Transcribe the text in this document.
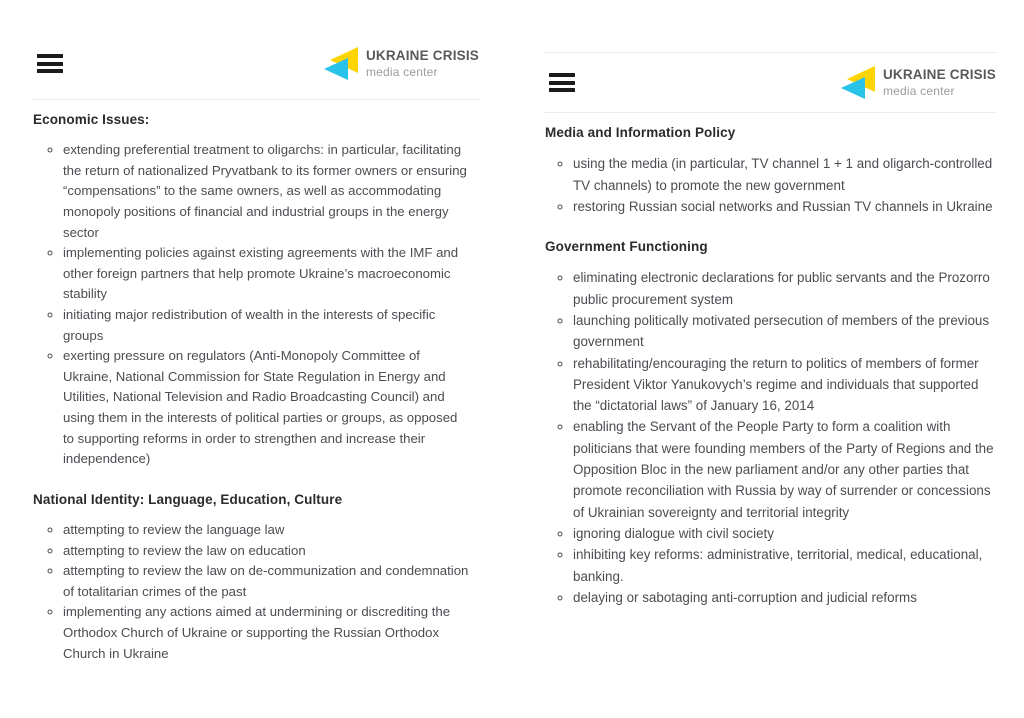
UKRAINE CRISIS
media center
Economic Issues:
◦ extending preferential treatment to oligarchs: in particular, facilitating the return of nationalized Pryvatbank to its former owners or ensuring “compensations” to the same owners, as well as accommodating monopoly positions of financial and industrial groups in the energy sector
◦ implementing policies against existing agreements with the IMF and other foreign partners that help promote Ukraine’s macroeconomic stability
◦ initiating major redistribution of wealth in the interests of specific groups
◦ exerting pressure on regulators (Anti-Monopoly Committee of Ukraine, National Commission for State Regulation in Energy and Utilities, National Television and Radio Broadcasting Council) and using them in the interests of political parties or groups, as opposed to supporting reforms in order to strengthen and increase their independence)
National Identity: Language, Education, Culture
◦ attempting to review the language law
◦ attempting to review the law on education
◦ attempting to review the law on de-communization and condemnation of totalitarian crimes of the past
◦ implementing any actions aimed at undermining or discrediting the Orthodox Church of Ukraine or supporting the Russian Orthodox Church in Ukraine
UKRAINE CRISIS
media center
Media and Information Policy
◦ using the media (in particular, TV channel 1 + 1 and oligarch-controlled TV channels) to promote the new government
◦ restoring Russian social networks and Russian TV channels in Ukraine
Government Functioning
◦ eliminating electronic declarations for public servants and the Prozorro public procurement system
◦ launching politically motivated persecution of members of the previous government
◦ rehabilitating/encouraging the return to politics of members of former President Viktor Yanukovych’s regime and individuals that supported the “dictatorial laws” of January 16, 2014
◦ enabling the Servant of the People Party to form a coalition with politicians that were founding members of the Party of Regions and the Opposition Bloc in the new parliament and/or any other parties that promote reconciliation with Russia by way of surrender or concessions of Ukrainian sovereignty and territorial integrity
◦ ignoring dialogue with civil society
◦ inhibiting key reforms: administrative, territorial, medical, educational, banking.
◦ delaying or sabotaging anti-corruption and judicial reforms
